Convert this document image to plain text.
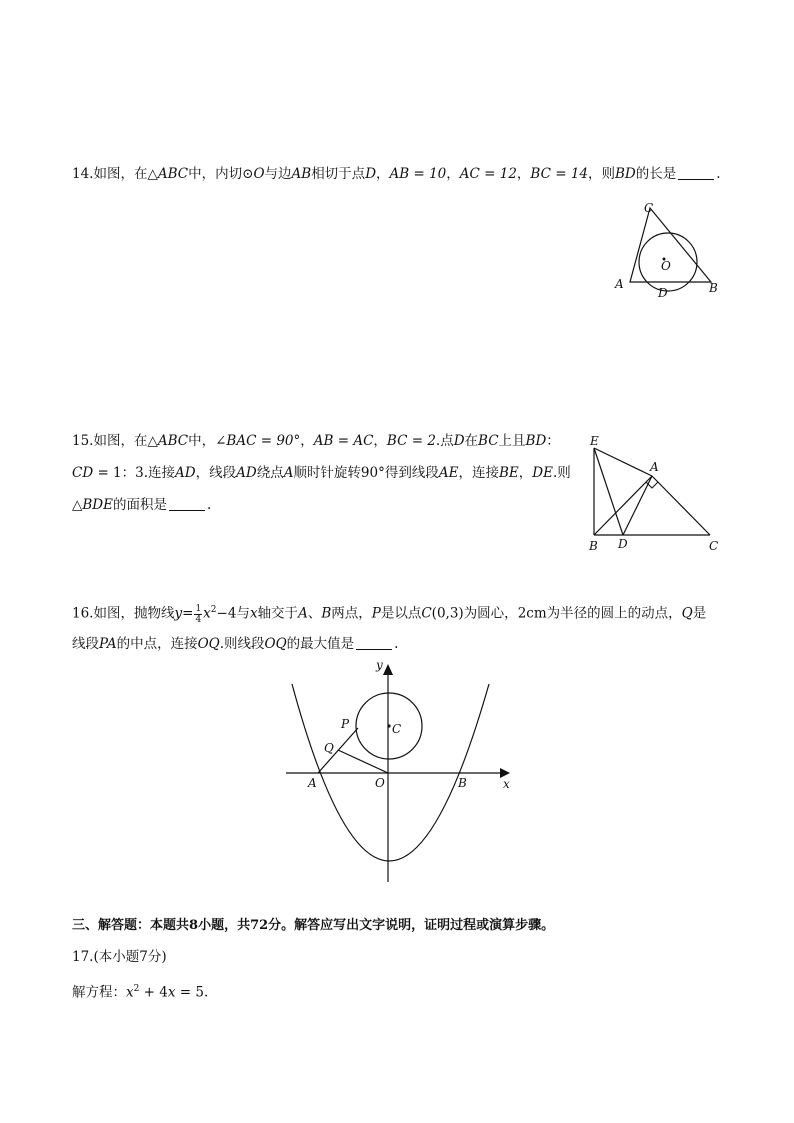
14.如图，在△ABC中，内切⊙O与边AB相切于点D，AB = 10，AC = 12，BC = 14，则BD的长是	.
C
A	B
D
O
15.如图，在△ABC中，∠BAC = 90°，AB = AC，BC = 2.点D在BC上且BD：
CD = 1：3.连接AD，线段AD绕点A顺时针旋转90°得到线段AE，连接BE，DE.则
△BDE的面积是	.
E
A
B D	C
16.如图，抛物线$y= \frac{1}{4} x^2-4$与x轴交于A、B两点，P是以点C(0,3)为圆心，2cm为半径的圆上的动点，Q是
线段PA的中点，连接OQ.则线段OQ的最大值是	.
y
x
P	C
Q
A	O	B
三、解答题：本题共8小题，共72分。解答应写出文字说明，证明过程或演算步骤。
17.(本小题7分)
解方程：$x^2 + 4x = 5$.
